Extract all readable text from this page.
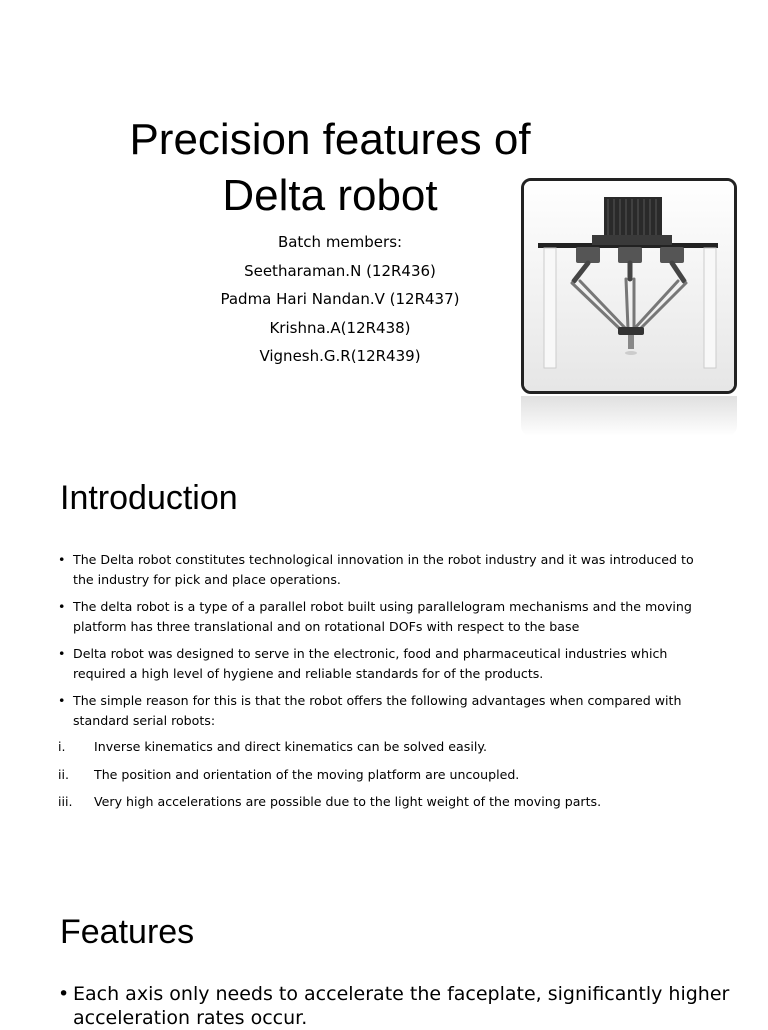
Precision features of
Delta robot
Batch members:
Seetharaman.N (12R436)
Padma Hari Nandan.V (12R437)
Krishna.A(12R438)
Vignesh.G.R(12R439)
Introduction
• The Delta robot constitutes technological innovation in the robot industry and it was introduced to the industry for pick and place operations.
• The delta robot is a type of a parallel robot built using parallelogram mechanisms and the moving platform has three translational and on rotational DOFs with respect to the base
• Delta robot was designed to serve in the electronic, food and pharmaceutical industries which required a high level of hygiene and reliable standards for of the products.
• The simple reason for this is that the robot offers the following advantages when compared with standard serial robots:
i. Inverse kinematics and direct kinematics can be solved easily.
ii. The position and orientation of the moving platform are uncoupled.
iii. Very high accelerations are possible due to the light weight of the moving parts.
Features
• Each axis only needs to accelerate the faceplate, significantly higher acceleration rates occur.
